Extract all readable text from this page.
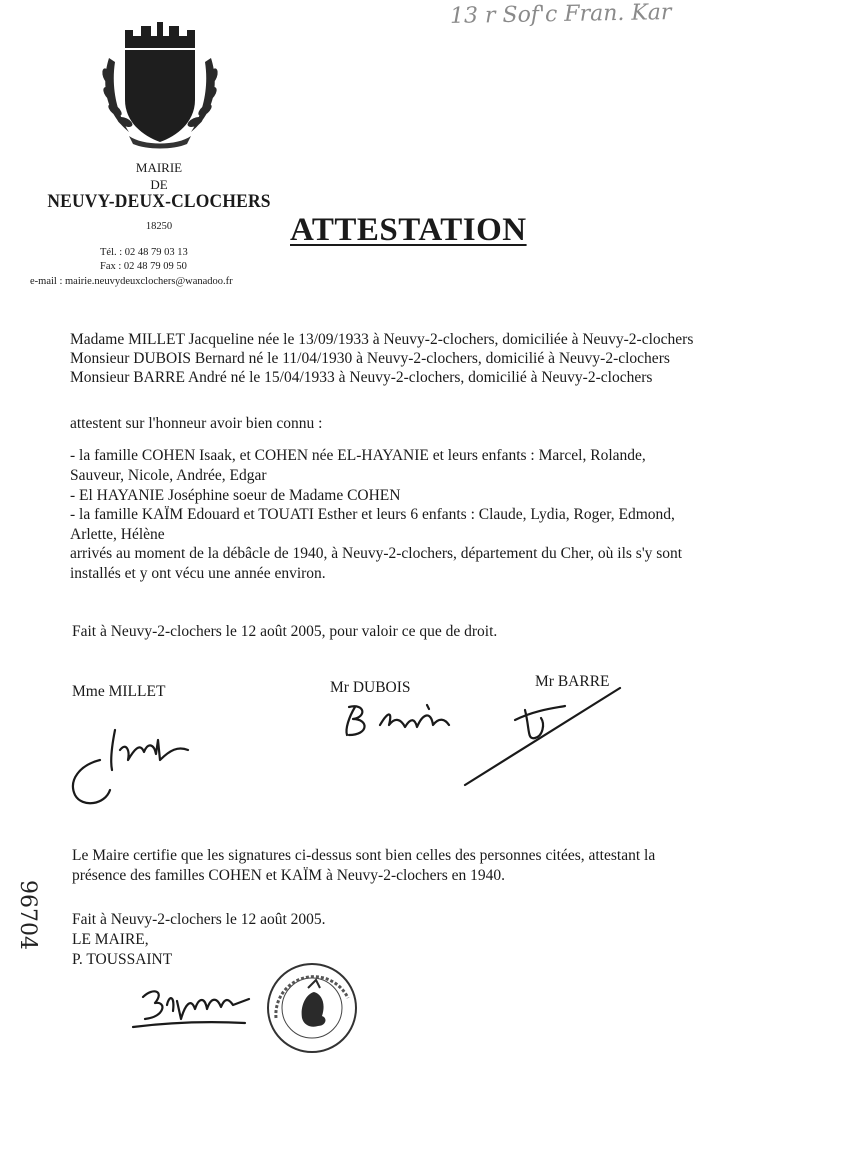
13 r Sof'c Fran. Kar
MAIRIE
DE
NEUVY-DEUX-CLOCHERS
18250
Tél. : 02 48 79 03 13
Fax : 02 48 79 09 50
e-mail : mairie.neuvydeuxclochers@wanadoo.fr
ATTESTATION
Madame MILLET Jacqueline née le 13/09/1933 à Neuvy-2-clochers, domiciliée à Neuvy-2-clochers
Monsieur DUBOIS Bernard né le 11/04/1930 à Neuvy-2-clochers, domicilié à Neuvy-2-clochers
Monsieur BARRE André né le 15/04/1933 à Neuvy-2-clochers, domicilié à Neuvy-2-clochers
attestent sur l'honneur avoir bien connu :
- la famille COHEN Isaak, et COHEN née EL-HAYANIE et leurs enfants : Marcel, Rolande,
Sauveur, Nicole, Andrée, Edgar
- El HAYANIE Joséphine soeur de Madame COHEN
- la famille KAÏM Edouard et TOUATI Esther et leurs 6 enfants : Claude, Lydia, Roger, Edmond,
Arlette, Hélène
arrivés au moment de la débâcle de 1940, à Neuvy-2-clochers, département du Cher, où ils s'y sont
installés et y ont vécu une année environ.
Fait à Neuvy-2-clochers le 12 août 2005, pour valoir ce que de droit.
Mme MILLET	Mr DUBOIS	Mr BARRE
Le Maire certifie que les signatures ci-dessus sont bien celles des personnes citées, attestant la
présence des familles COHEN et KAÏM à Neuvy-2-clochers en 1940.
Fait à Neuvy-2-clochers le 12 août 2005.
LE MAIRE,
P. TOUSSAINT
96704
